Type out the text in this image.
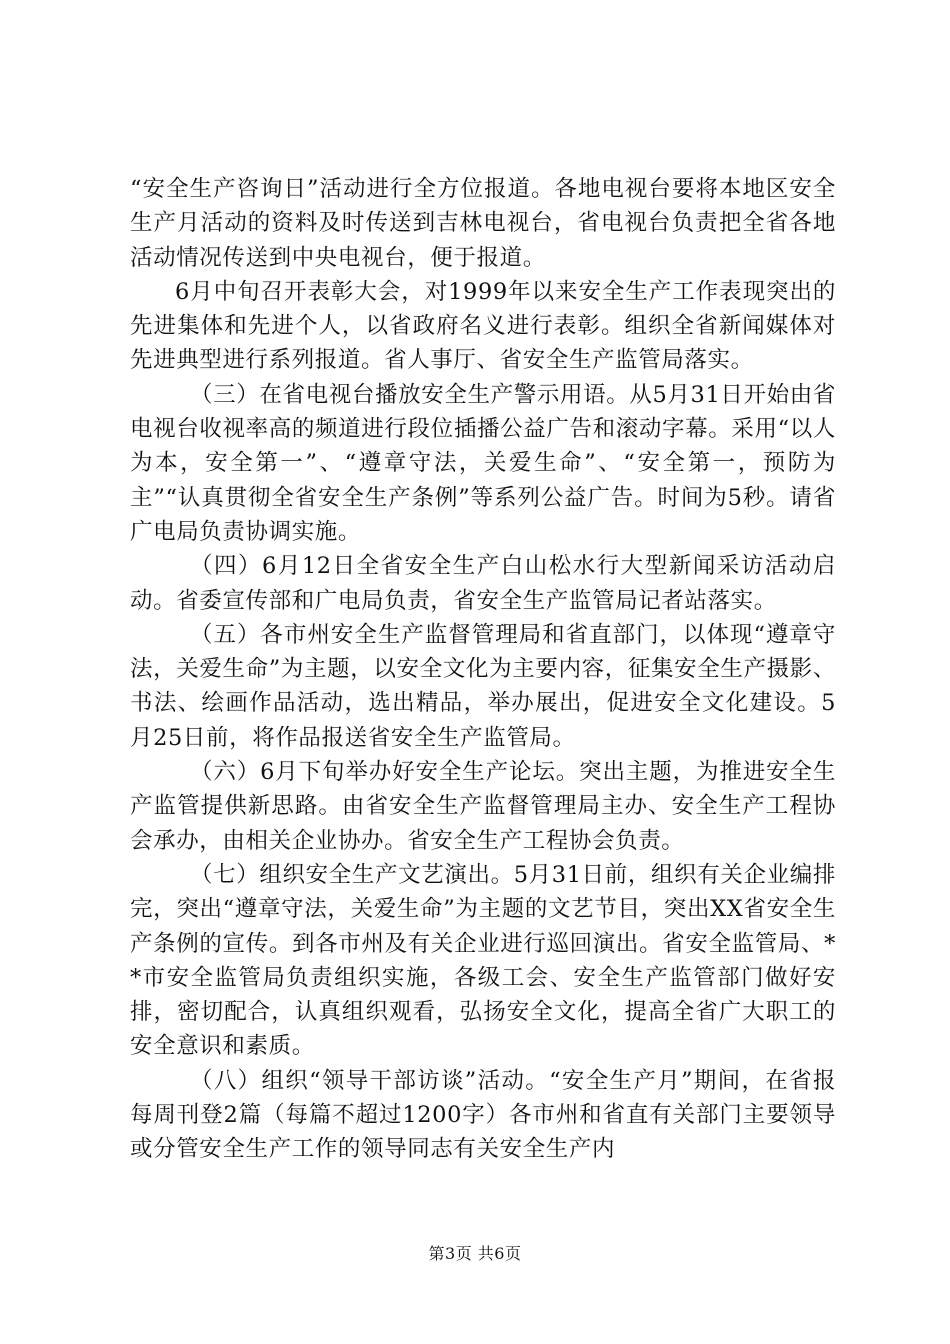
“安全生产咨询日”活动进行全方位报道。各地电视台要将本地区安全生产月活动的资料及时传送到吉林电视台，省电视台负责把全省各地活动情况传送到中央电视台，便于报道。

6月中旬召开表彰大会，对1999年以来安全生产工作表现突出的先进集体和先进个人，以省政府名义进行表彰。组织全省新闻媒体对先进典型进行系列报道。省人事厅、省安全生产监管局落实。

（三）在省电视台播放安全生产警示用语。从5月31日开始由省电视台收视率高的频道进行段位插播公益广告和滚动字幕。采用“以人为本，安全第一”、“遵章守法，关爱生命”、“安全第一，预防为主”“认真贯彻全省安全生产条例”等系列公益广告。时间为5秒。请省广电局负责协调实施。

（四）6月12日全省安全生产白山松水行大型新闻采访活动启动。省委宣传部和广电局负责，省安全生产监管局记者站落实。

（五）各市州安全生产监督管理局和省直部门，以体现“遵章守法，关爱生命”为主题，以安全文化为主要内容，征集安全生产摄影、书法、绘画作品活动，选出精品，举办展出，促进安全文化建设。5月25日前，将作品报送省安全生产监管局。

（六）6月下旬举办好安全生产论坛。突出主题，为推进安全生产监管提供新思路。由省安全生产监督管理局主办、安全生产工程协会承办，由相关企业协办。省安全生产工程协会负责。

（七）组织安全生产文艺演出。5月31日前，组织有关企业编排完，突出“遵章守法，关爱生命”为主题的文艺节目，突出XX省安全生产条例的宣传。到各市州及有关企业进行巡回演出。省安全监管局、**市安全监管局负责组织实施，各级工会、安全生产监管部门做好安排，密切配合，认真组织观看，弘扬安全文化，提高全省广大职工的安全意识和素质。

（八）组织“领导干部访谈”活动。“安全生产月”期间，在省报每周刊登2篇（每篇不超过1200字）各市州和省直有关部门主要领导或分管安全生产工作的领导同志有关安全生产内

第3页 共6页
